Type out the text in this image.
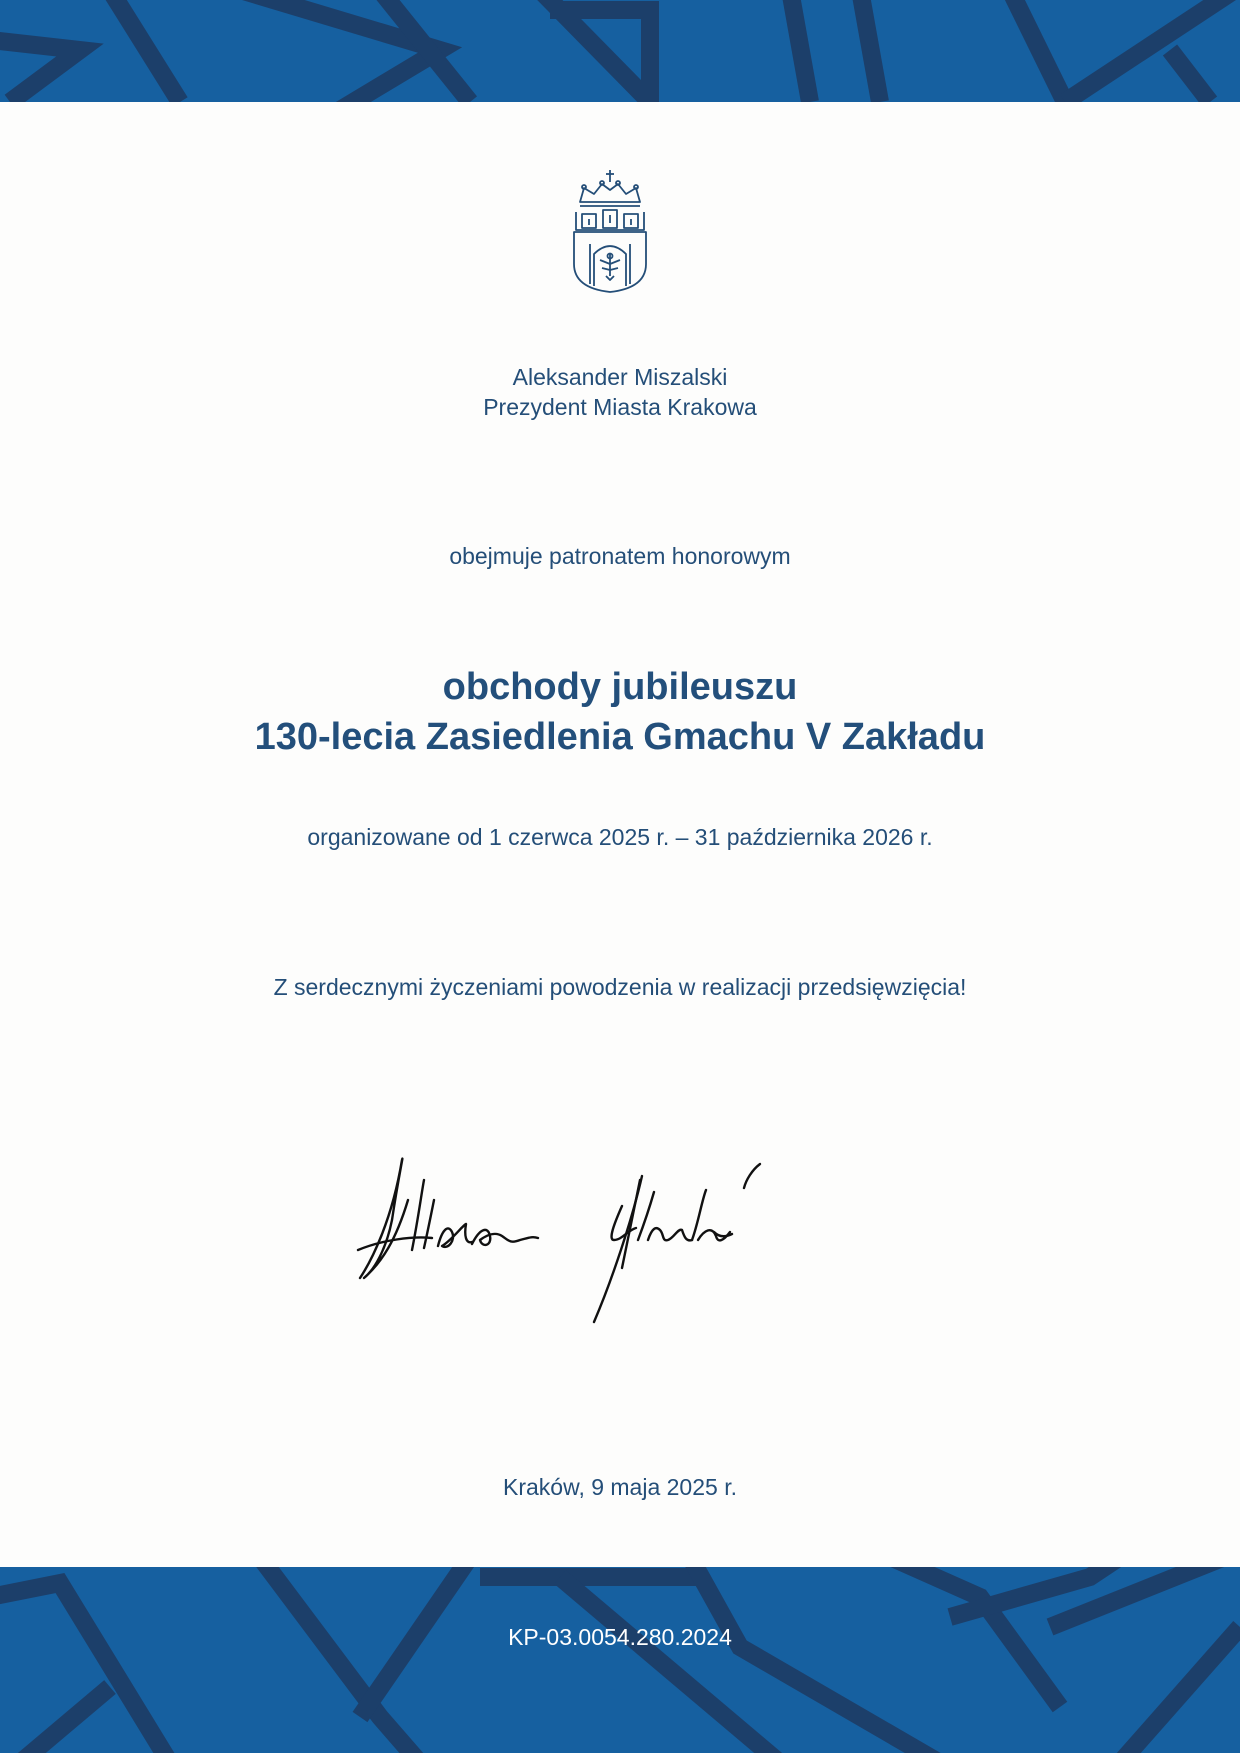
Aleksander Miszalski
Prezydent Miasta Krakowa
obejmuje patronatem honorowym
obchody jubileuszu
130-lecia Zasiedlenia Gmachu V Zakładu
organizowane od 1 czerwca 2025 r. – 31 października 2026 r.
Z serdecznymi życzeniami powodzenia w realizacji przedsięwzięcia!
Kraków, 9 maja 2025 r.
KP-03.0054.280.2024
